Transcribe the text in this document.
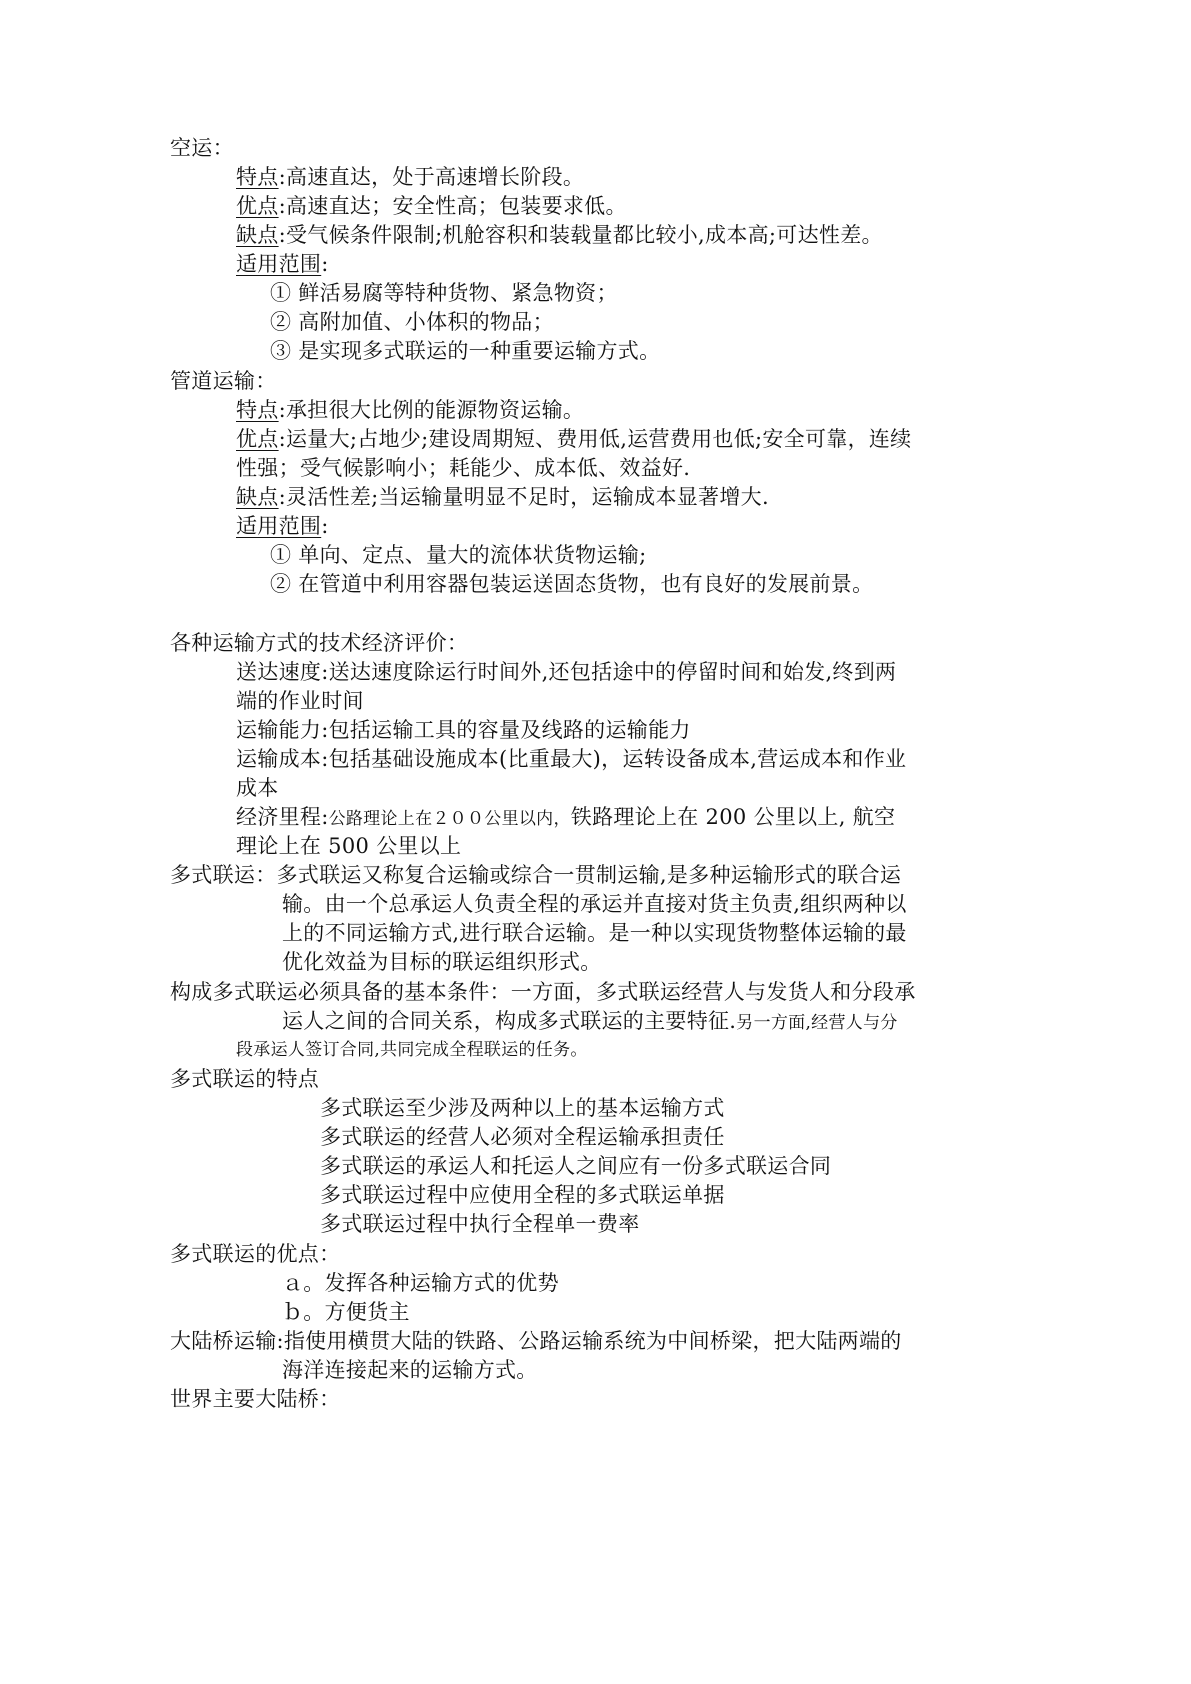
空运：
特点:高速直达，处于高速增长阶段。
优点:高速直达；安全性高；包装要求低。
缺点:受气候条件限制;机舱容积和装载量都比较小,成本高;可达性差。
适用范围:
① 鲜活易腐等特种货物、紧急物资；
② 高附加值、小体积的物品；
③ 是实现多式联运的一种重要运输方式。
管道运输：
特点:承担很大比例的能源物资运输。
优点:运量大;占地少;建设周期短、费用低,运营费用也低;安全可靠，连续
性强；受气候影响小；耗能少、成本低、效益好.
缺点:灵活性差;当运输量明显不足时，运输成本显著增大.
适用范围:
① 单向、定点、量大的流体状货物运输;
② 在管道中利用容器包装运送固态货物，也有良好的发展前景。
各种运输方式的技术经济评价：
送达速度:送达速度除运行时间外,还包括途中的停留时间和始发,终到两
端的作业时间
运输能力:包括运输工具的容量及线路的运输能力
运输成本:包括基础设施成本(比重最大)，运转设备成本,营运成本和作业
成本
经济里程:公路理论上在２００公里以内，铁路理论上在 200 公里以上, 航空
理论上在 500 公里以上
多式联运：多式联运又称复合运输或综合一贯制运输,是多种运输形式的联合运
输。由一个总承运人负责全程的承运并直接对货主负责,组织两种以
上的不同运输方式,进行联合运输。是一种以实现货物整体运输的最
优化效益为目标的联运组织形式。
构成多式联运必须具备的基本条件：一方面，多式联运经营人与发货人和分段承
运人之间的合同关系，构成多式联运的主要特征.另一方面,经营人与分
段承运人签订合同,共同完成全程联运的任务。
多式联运的特点
多式联运至少涉及两种以上的基本运输方式
多式联运的经营人必须对全程运输承担责任
多式联运的承运人和托运人之间应有一份多式联运合同
多式联运过程中应使用全程的多式联运单据
多式联运过程中执行全程单一费率
多式联运的优点：
ａ。发挥各种运输方式的优势
ｂ。方便货主
大陆桥运输:指使用横贯大陆的铁路、公路运输系统为中间桥梁，把大陆两端的
海洋连接起来的运输方式。
世界主要大陆桥：
